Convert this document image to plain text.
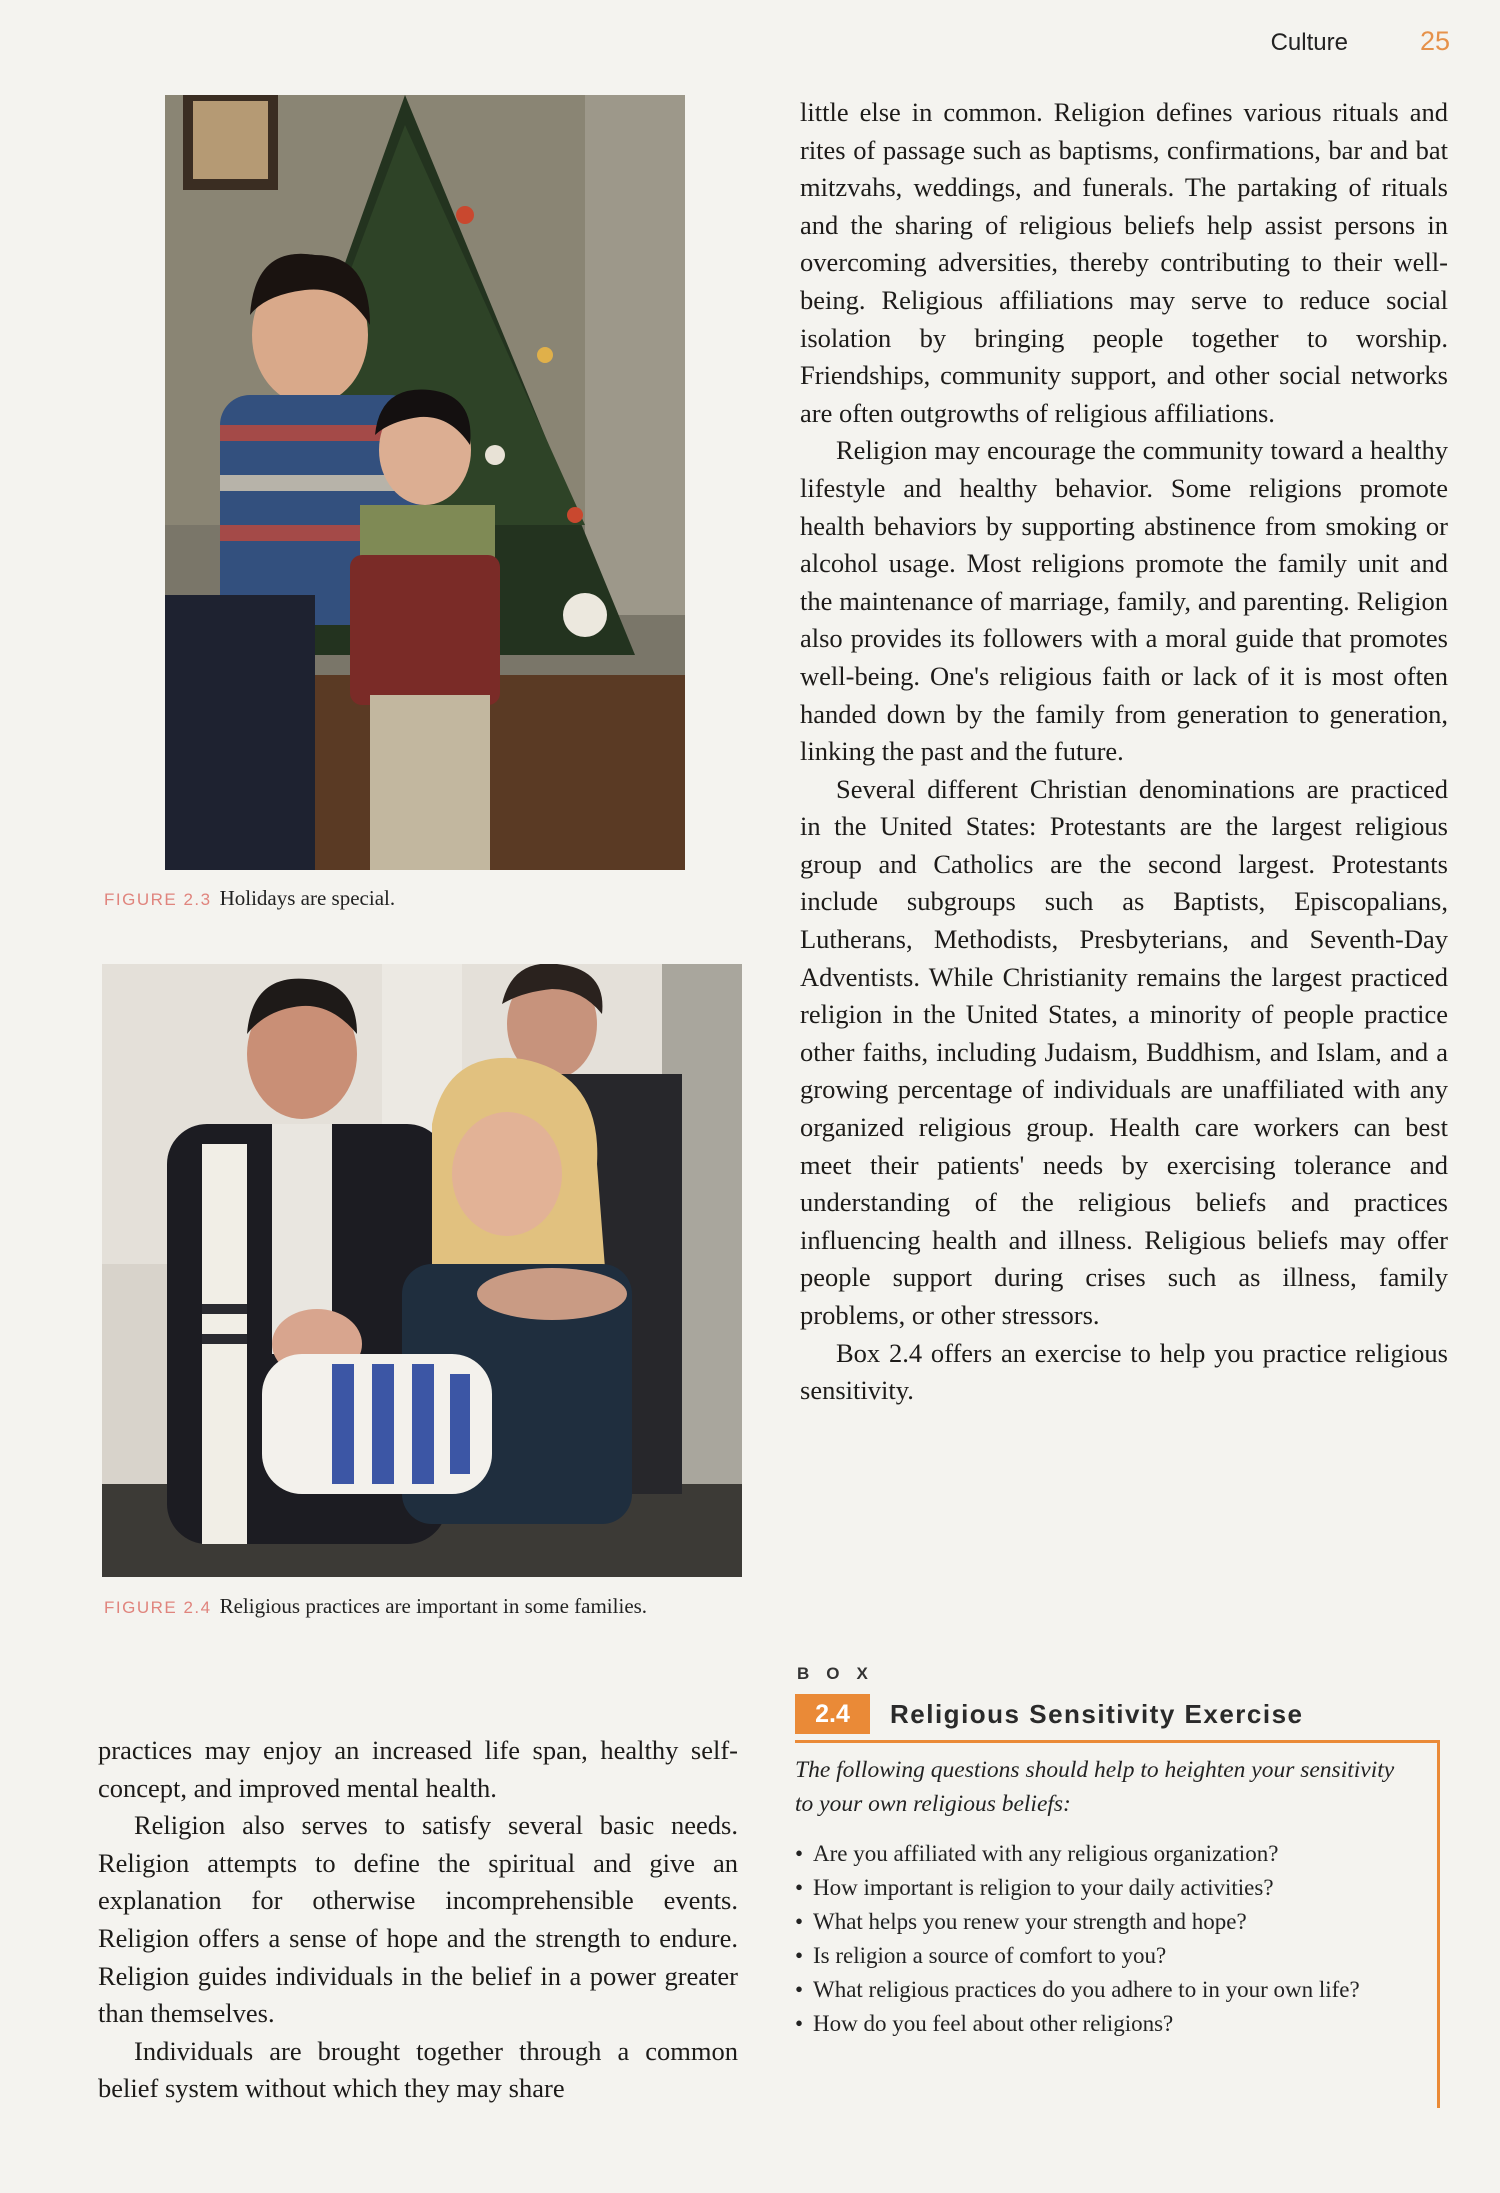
Culture	25
FIGURE 2.3 Holidays are special.
FIGURE 2.4 Religious practices are important in some families.

practices may enjoy an increased life span, healthy self-concept, and improved mental health.

Religion also serves to satisfy several basic needs. Religion attempts to define the spiritual and give an explanation for otherwise incomprehensible events. Religion offers a sense of hope and the strength to endure. Religion guides individuals in the belief in a power greater than themselves.

Individuals are brought together through a common belief system without which they may share

little else in common. Religion defines various rituals and rites of passage such as baptisms, confirmations, bar and bat mitzvahs, weddings, and funerals. The partaking of rituals and the sharing of religious beliefs help assist persons in overcoming adversities, thereby contributing to their well-being. Religious affiliations may serve to reduce social isolation by bringing people together to worship. Friendships, community support, and other social networks are often outgrowths of religious affiliations.

Religion may encourage the community toward a healthy lifestyle and healthy behavior. Some religions promote health behaviors by supporting abstinence from smoking or alcohol usage. Most religions promote the family unit and the maintenance of marriage, family, and parenting. Religion also provides its followers with a moral guide that promotes well-being. One's religious faith or lack of it is most often handed down by the family from generation to generation, linking the past and the future.

Several different Christian denominations are practiced in the United States: Protestants are the largest religious group and Catholics are the second largest. Protestants include subgroups such as Baptists, Episcopalians, Lutherans, Methodists, Presbyterians, and Seventh-Day Adventists. While Christianity remains the largest practiced religion in the United States, a minority of people practice other faiths, including Judaism, Buddhism, and Islam, and a growing percentage of individuals are unaffiliated with any organized religious group. Health care workers can best meet their patients' needs by exercising tolerance and understanding of the religious beliefs and practices influencing health and illness. Religious beliefs may offer people support during crises such as illness, family problems, or other stressors.

Box 2.4 offers an exercise to help you practice religious sensitivity.

BOX
2.4	Religious Sensitivity Exercise

The following questions should help to heighten your sensitivity to your own religious beliefs:

• Are you affiliated with any religious organization?
• How important is religion to your daily activities?
• What helps you renew your strength and hope?
• Is religion a source of comfort to you?
• What religious practices do you adhere to in your own life?
• How do you feel about other religions?
